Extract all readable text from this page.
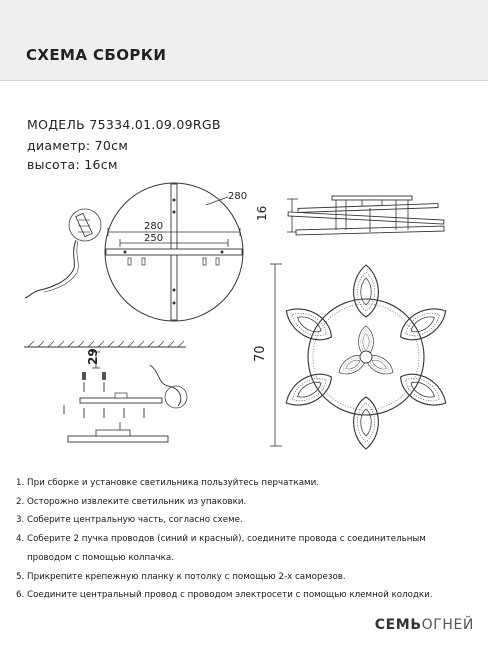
СХЕМА СБОРКИ
МОДЕЛЬ 75334.01.09.09RGB
диаметр: 70см
высота: 16см
280
280
250
16
70
29
1. При сборке и установке светильника пользуйтесь перчатками.
2. Осторожно извлеките светильник из упаковки.
3. Соберите центральную часть, согласно схеме.
4. Соберите 2 пучка проводов (синий и красный), соедините провода с соединительным
проводом с помощью колпачка.
5. Прикрепите крепежную планку к потолку с помощью 2-х саморезов.
6. Соедините центральный провод с проводом электросети с помощью клемной колодки.
СЕМЬОГНЕЙ
